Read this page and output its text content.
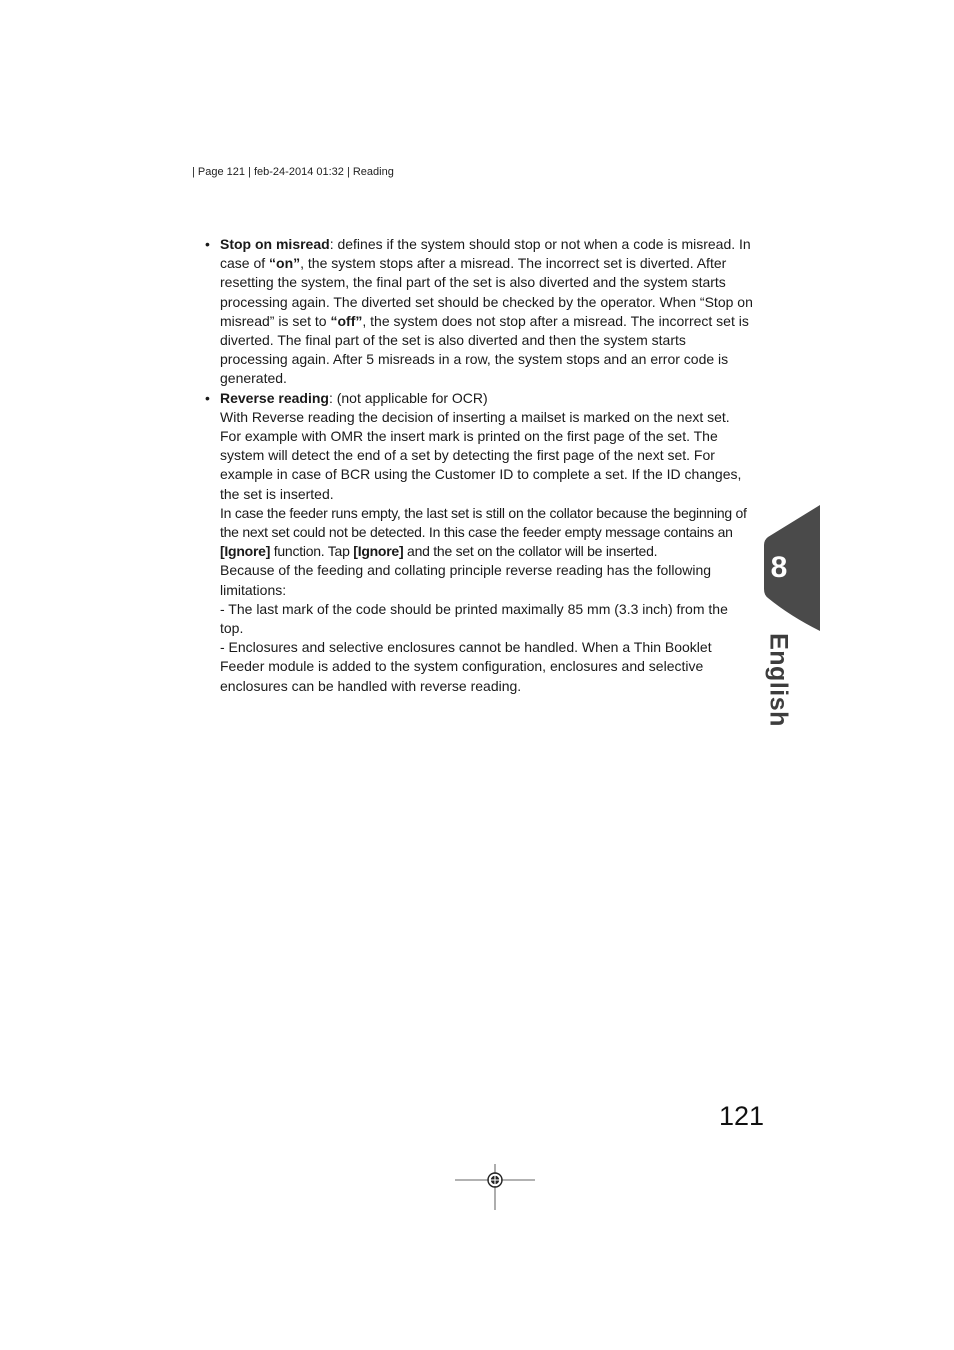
| Page 121 | feb-24-2014 01:32 | Reading
• Stop on misread: defines if the system should stop or not when a code is misread. In case of “on”, the system stops after a misread. The incorrect set is diverted. After resetting the system, the final part of the set is also diverted and the system starts processing again. The diverted set should be checked by the operator. When “Stop on misread” is set to “off”, the system does not stop after a misread. The incorrect set is diverted. The final part of the set is also diverted and then the system starts processing again. After 5 misreads in a row, the system stops and an error code is generated.
• Reverse reading: (not applicable for OCR)
With Reverse reading the decision of inserting a mailset is marked on the next set. For example with OMR the insert mark is printed on the first page of the set. The system will detect the end of a set by detecting the first page of the next set. For example in case of BCR using the Customer ID to complete a set. If the ID changes, the set is inserted.
In case the feeder runs empty, the last set is still on the collator because the beginning of the next set could not be detected. In this case the feeder empty message contains an [Ignore] function. Tap [Ignore] and the set on the collator will be inserted.
Because of the feeding and collating principle reverse reading has the following limitations:
- The last mark of the code should be printed maximally 85 mm (3.3 inch) from the top.
- Enclosures and selective enclosures cannot be handled. When a Thin Booklet Feeder module is added to the system configuration, enclosures and selective enclosures can be handled with reverse reading.
8
English
121
